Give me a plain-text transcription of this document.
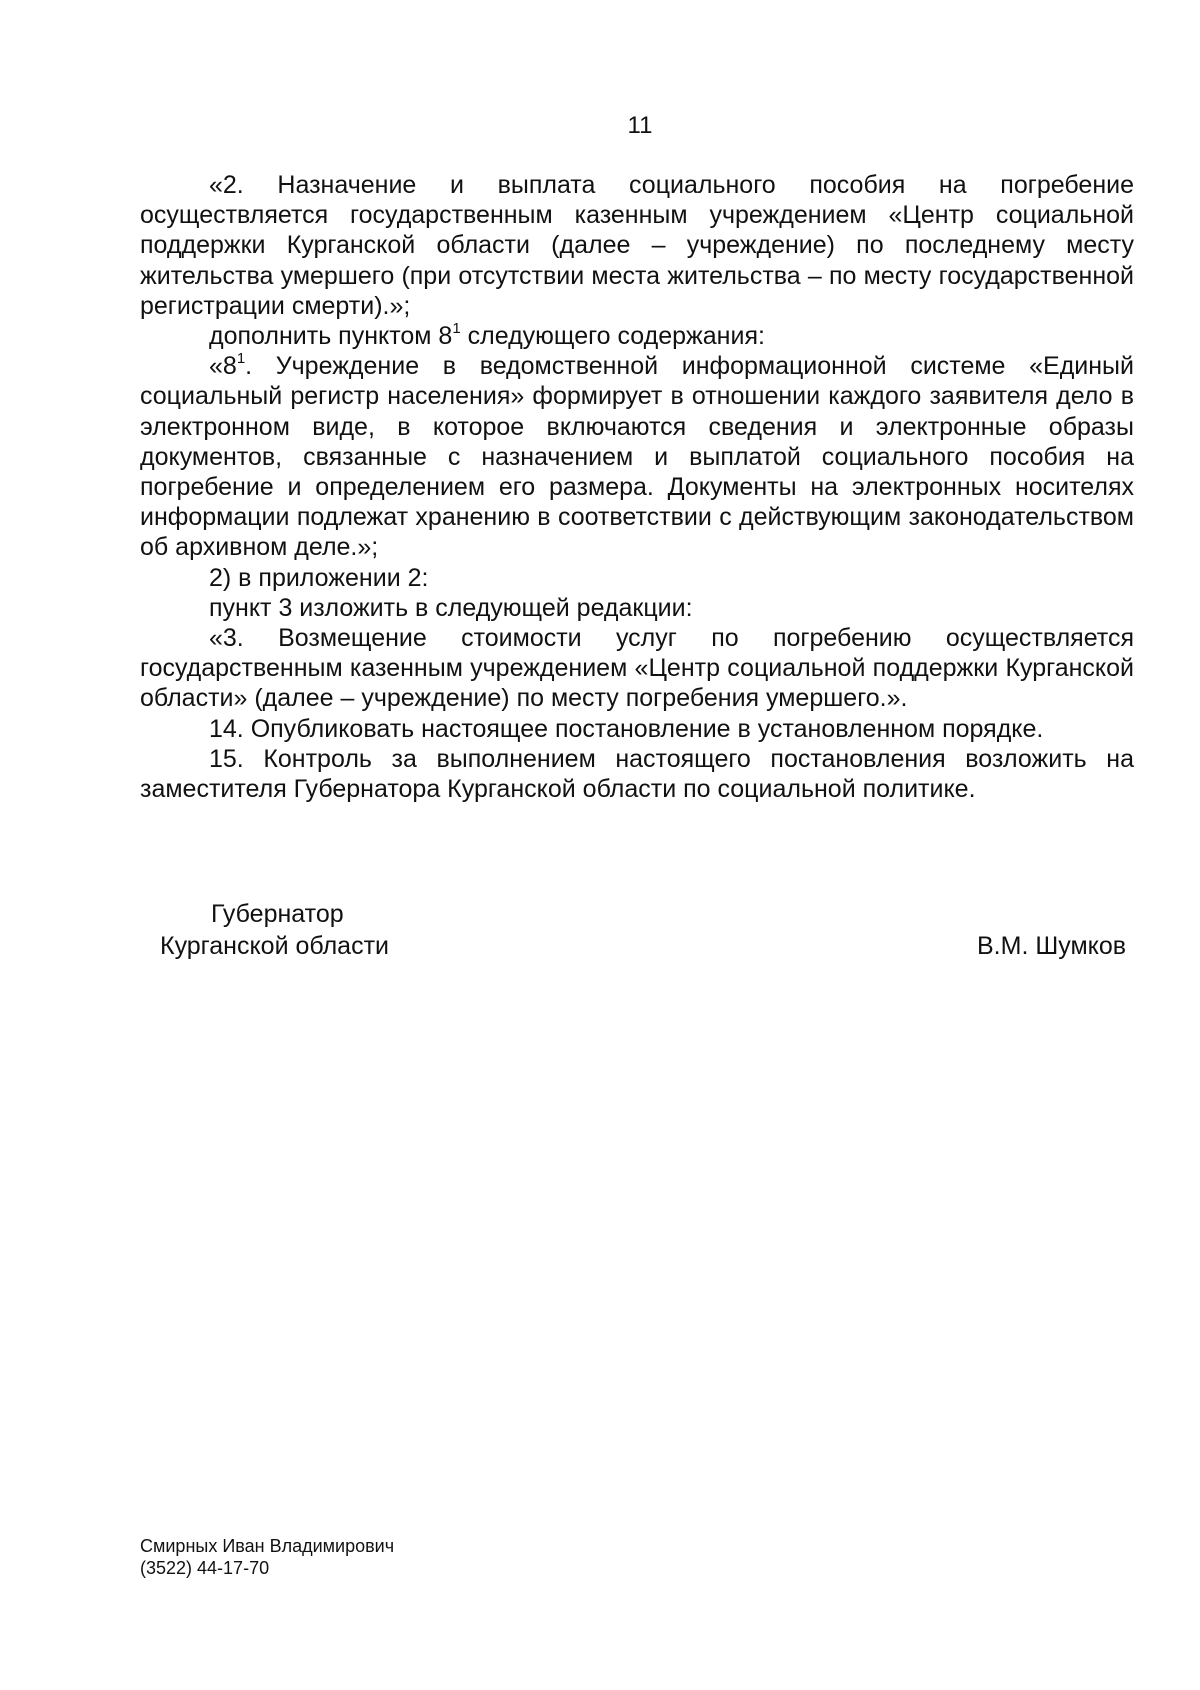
11

«2. Назначение и выплата социального пособия на погребение осуществляется государственным казенным учреждением «Центр социальной поддержки Курганской области (далее – учреждение) по последнему месту жительства умершего (при отсутствии места жительства – по месту государственной регистрации смерти).»;

дополнить пунктом $8^1$ следующего содержания:

«$8^1$. Учреждение в ведомственной информационной системе «Единый социальный регистр населения» формирует в отношении каждого заявителя дело в электронном виде, в которое включаются сведения и электронные образы документов, связанные с назначением и выплатой социального пособия на погребение и определением его размера. Документы на электронных носителях информации подлежат хранению в соответствии с действующим законодательством об архивном деле.»;

2) в приложении 2:

пункт 3 изложить в следующей редакции:

«3. Возмещение стоимости услуг по погребению осуществляется государственным казенным учреждением «Центр социальной поддержки Курганской области» (далее – учреждение) по месту погребения умершего.».

14. Опубликовать настоящее постановление в установленном порядке.

15. Контроль за выполнением настоящего постановления возложить на заместителя Губернатора Курганской области по социальной политике.

Губернатор
Курганской области	В.М. Шумков
Смирных Иван Владимирович
(3522) 44-17-70
